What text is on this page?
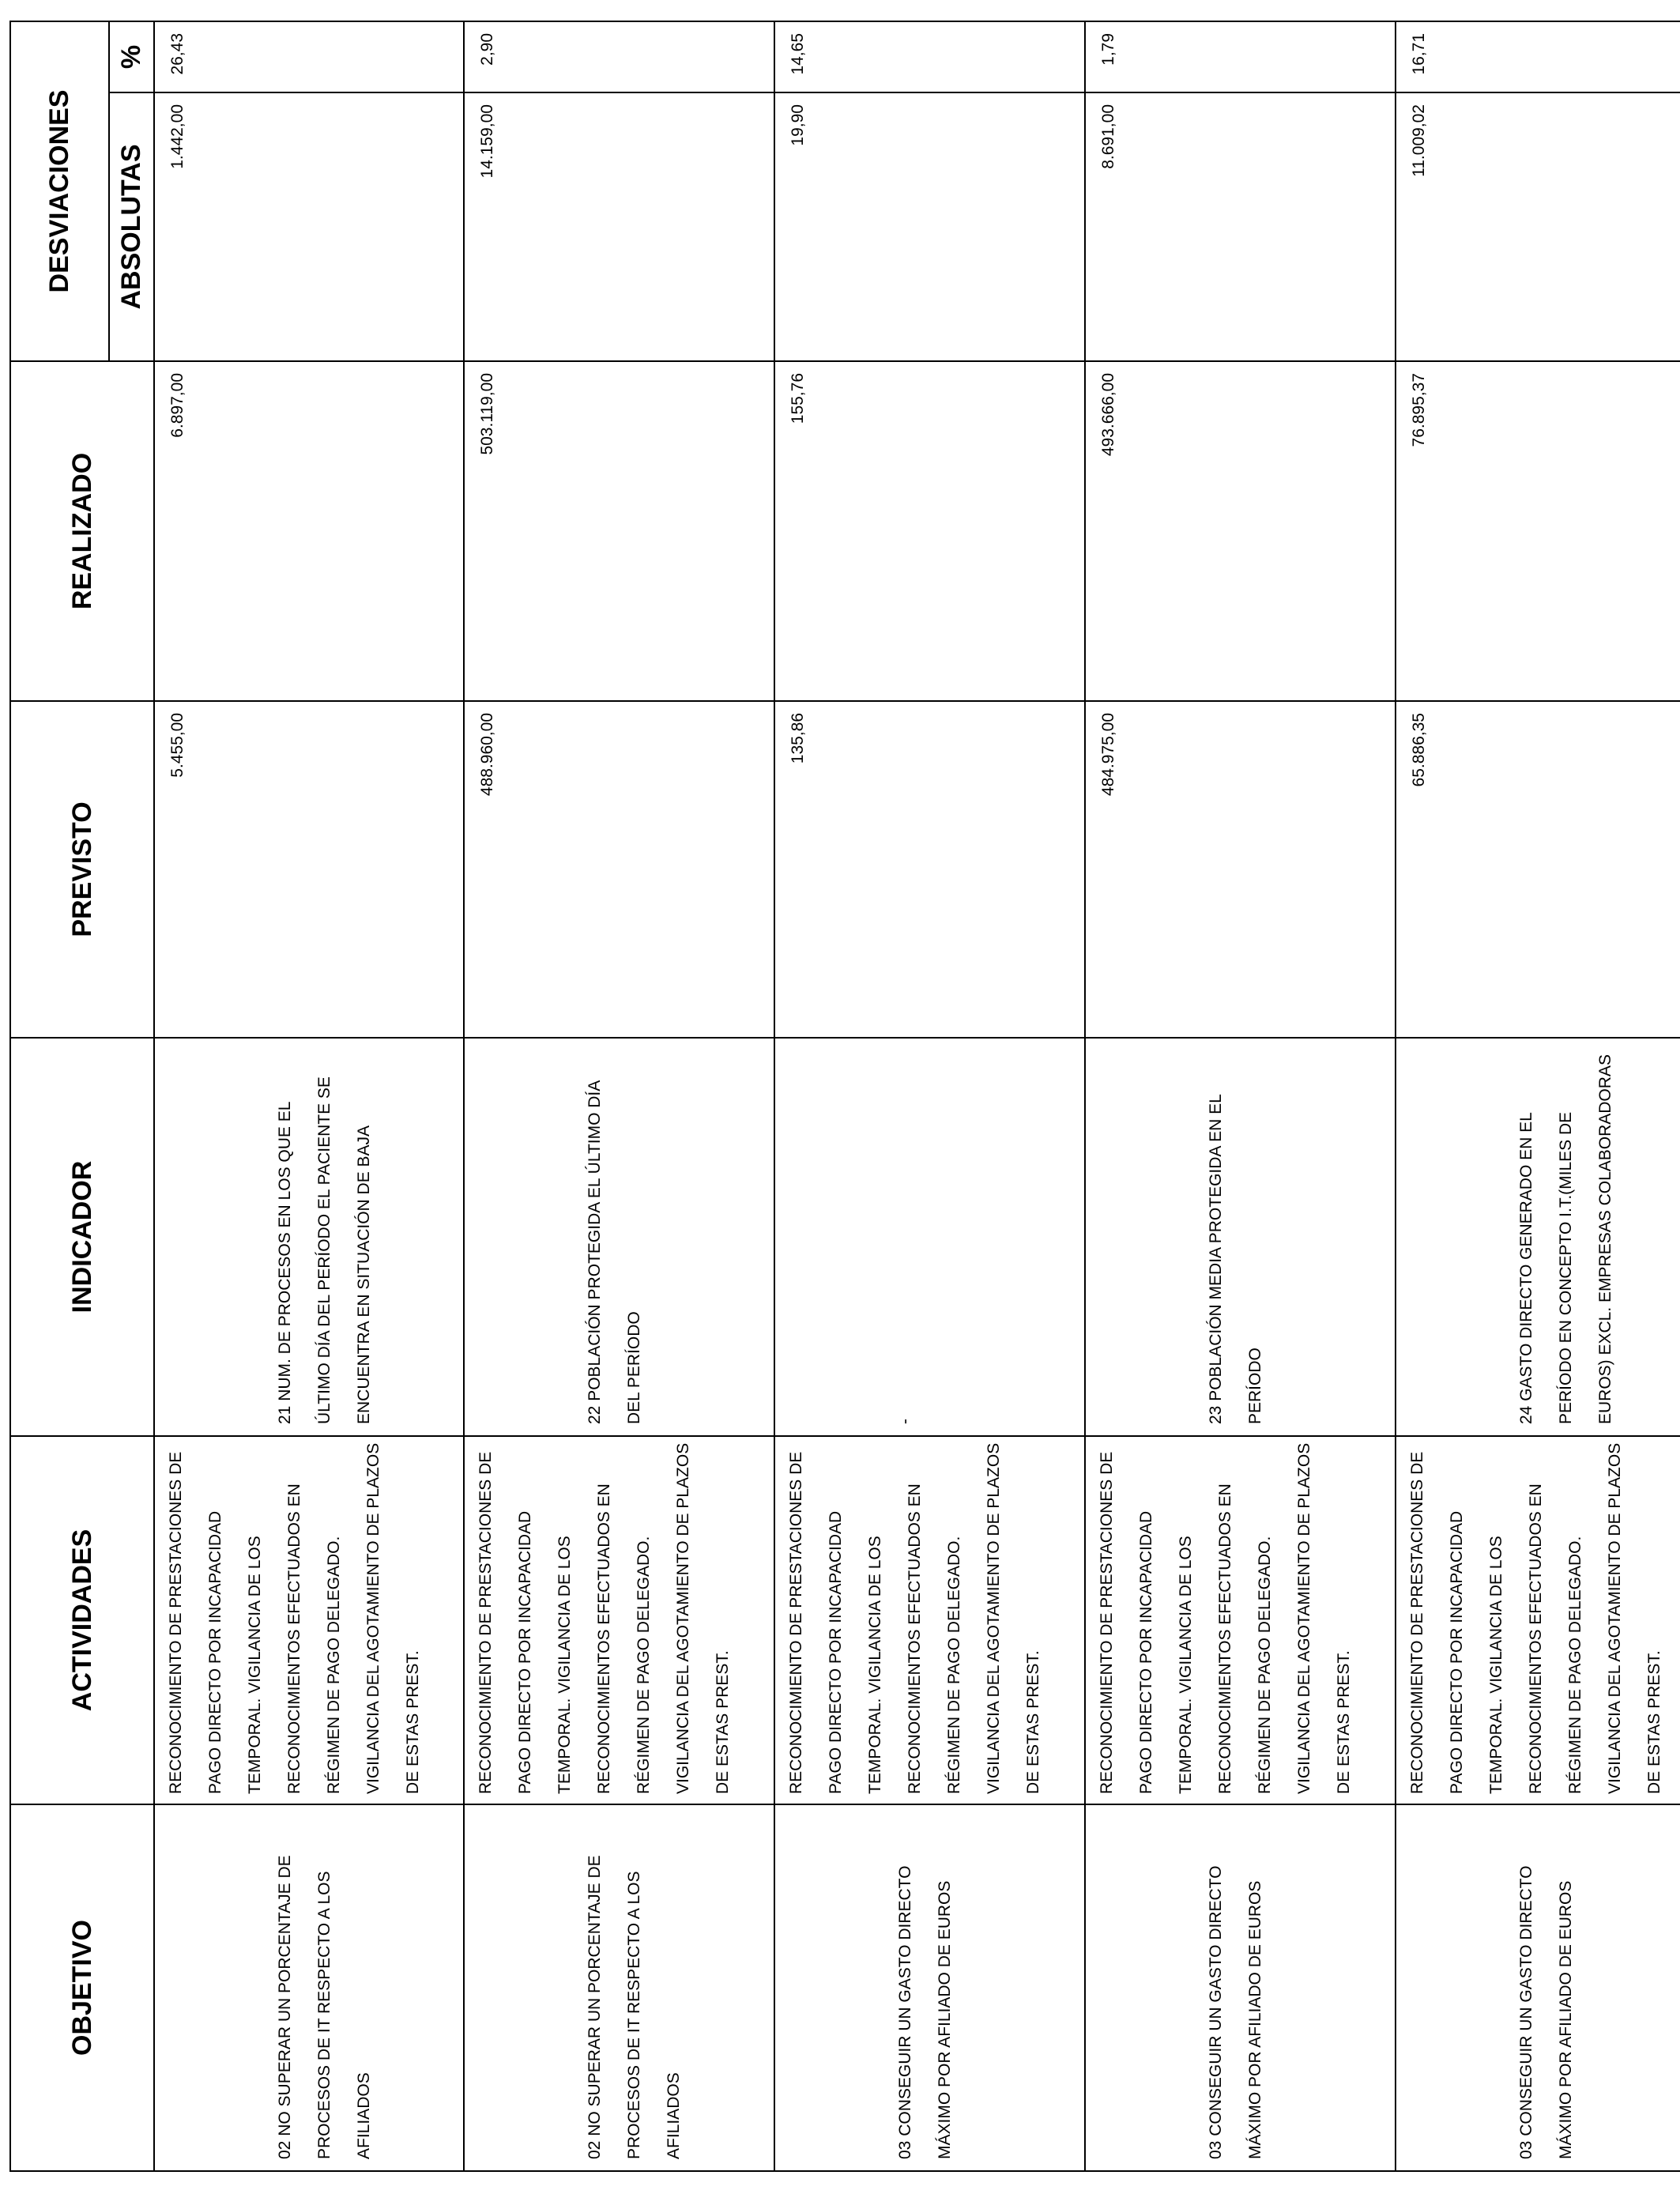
OBJETIVO	ACTIVIDADES	INDICADOR	PREVISTO	REALIZADO	DESVIACIONES	
					ABSOLUTAS	%

02 NO SUPERAR UN PORCENTAJE DE PROCESOS DE IT RESPECTO A LOS AFILIADOS	RECONOCIMIENTO DE PRESTACIONES DE PAGO DIRECTO POR INCAPACIDAD TEMPORAL. VIGILANCIA DE LOS RECONOCIMIENTOS EFECTUADOS EN RÉGIMEN DE PAGO DELEGADO. VIGILANCIA DEL AGOTAMIENTO DE PLAZOS DE ESTAS PREST.	21 NUM. DE PROCESOS EN LOS QUE EL ÚLTIMO DÍA DEL PERÍODO EL PACIENTE SE ENCUENTRA EN SITUACIÓN DE BAJA	5.455,00	6.897,00	1.442,00	26,43

02 NO SUPERAR UN PORCENTAJE DE PROCESOS DE IT RESPECTO A LOS AFILIADOS	RECONOCIMIENTO DE PRESTACIONES DE PAGO DIRECTO POR INCAPACIDAD TEMPORAL. VIGILANCIA DE LOS RECONOCIMIENTOS EFECTUADOS EN RÉGIMEN DE PAGO DELEGADO. VIGILANCIA DEL AGOTAMIENTO DE PLAZOS DE ESTAS PREST.	22 POBLACIÓN PROTEGIDA EL ÚLTIMO DÍA DEL PERÍODO	488.960,00	503.119,00	14.159,00	2,90

03 CONSEGUIR UN GASTO DIRECTO MÁXIMO POR AFILIADO DE EUROS	RECONOCIMIENTO DE PRESTACIONES DE PAGO DIRECTO POR INCAPACIDAD TEMPORAL. VIGILANCIA DE LOS RECONOCIMIENTOS EFECTUADOS EN RÉGIMEN DE PAGO DELEGADO. VIGILANCIA DEL AGOTAMIENTO DE PLAZOS DE ESTAS PREST.	-	135,86	155,76	19,90	14,65

03 CONSEGUIR UN GASTO DIRECTO MÁXIMO POR AFILIADO DE EUROS	RECONOCIMIENTO DE PRESTACIONES DE PAGO DIRECTO POR INCAPACIDAD TEMPORAL. VIGILANCIA DE LOS RECONOCIMIENTOS EFECTUADOS EN RÉGIMEN DE PAGO DELEGADO. VIGILANCIA DEL AGOTAMIENTO DE PLAZOS DE ESTAS PREST.	23 POBLACIÓN MEDIA PROTEGIDA EN EL PERÍODO	484.975,00	493.666,00	8.691,00	1,79

03 CONSEGUIR UN GASTO DIRECTO MÁXIMO POR AFILIADO DE EUROS	RECONOCIMIENTO DE PRESTACIONES DE PAGO DIRECTO POR INCAPACIDAD TEMPORAL. VIGILANCIA DE LOS RECONOCIMIENTOS EFECTUADOS EN RÉGIMEN DE PAGO DELEGADO. VIGILANCIA DEL AGOTAMIENTO DE PLAZOS DE ESTAS PREST.	24 GASTO DIRECTO GENERADO EN EL PERÍODO EN CONCEPTO I.T.(MILES DE EUROS) EXCL. EMPRESAS COLABORADORAS	65.886,35	76.895,37	11.009,02	16,71
